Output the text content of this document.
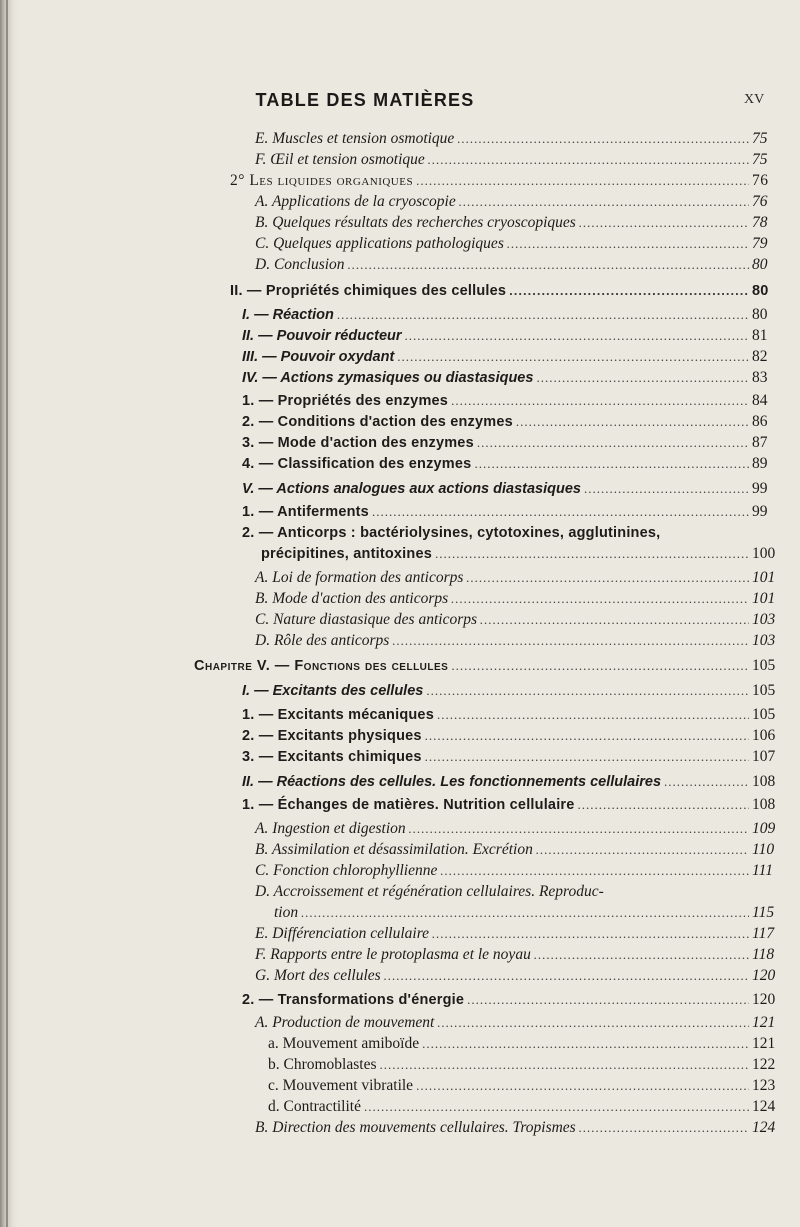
TABLE DES MATIÈRES	XV
E. Muscles et tension osmotique .....	75
F. Œil et tension osmotique .....	75
2° Les liquides organiques .....	76
A. Applications de la cryoscopie .....	76
B. Quelques résultats des recherches cryoscopiques .....	78
C. Quelques applications pathologiques .....	79
D. Conclusion .....	80
II. — Propriétés chimiques des cellules .....	80
I. — Réaction .....	80
II. — Pouvoir réducteur .....	81
III. — Pouvoir oxydant .....	82
IV. — Actions zymasiques ou diastasiques .....	83
1. — Propriétés des enzymes .....	84
2. — Conditions d'action des enzymes .....	86
3. — Mode d'action des enzymes .....	87
4. — Classification des enzymes .....	89
V. — Actions analogues aux actions diastasiques .....	99
1. — Antiferments .....	99
2. — Anticorps : bactériolysines, cytotoxines, agglutinines,
précipitines, antitoxines .....	100
A. Loi de formation des anticorps .....	101
B. Mode d'action des anticorps .....	101
C. Nature diastasique des anticorps .....	103
D. Rôle des anticorps .....	103
Chapitre V. — Fonctions des cellules .....	105
I. — Excitants des cellules .....	105
1. — Excitants mécaniques .....	105
2. — Excitants physiques .....	106
3. — Excitants chimiques .....	107
II. — Réactions des cellules. Les fonctionnements cellulaires .....	108
1. — Échanges de matières. Nutrition cellulaire .....	108
A. Ingestion et digestion .....	109
B. Assimilation et désassimilation. Excrétion .....	110
C. Fonction chlorophyllienne .....	111
D. Accroissement et régénération cellulaires. Reproduc-
tion .....	115
E. Différenciation cellulaire .....	117
F. Rapports entre le protoplasma et le noyau .....	118
G. Mort des cellules .....	120
2. — Transformations d'énergie .....	120
A. Production de mouvement .....	121
a. Mouvement amiboïde .....	121
b. Chromoblastes .....	122
c. Mouvement vibratile .....	123
d. Contractilité .....	124
B. Direction des mouvements cellulaires. Tropismes .....	124
